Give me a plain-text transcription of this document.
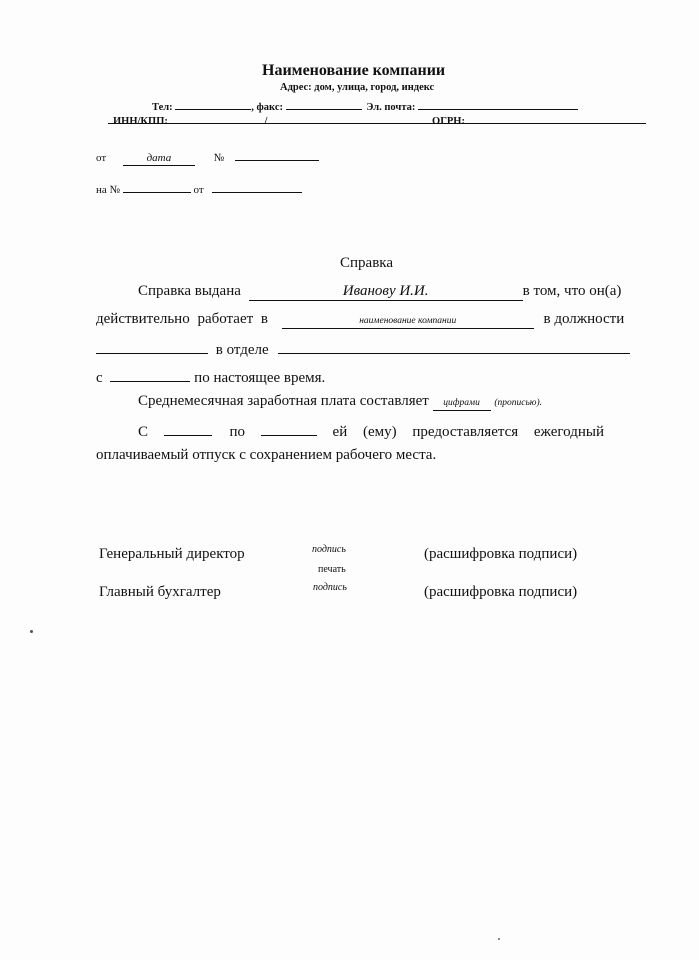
Наименование компании
Адрес: дом, улица, город, индекс
Тел:	, факс:	Эл. почта:
ИНН/КПП:	/	ОГРН:
от	дата	№
на №	от
Справка
Справка выдана	Иванову И.И.	в том, что он(а)
действительно работает в	наименование компании	в должности
в отделе
с	по настоящее время.
Среднемесячная заработная плата составляет цифрами (прописью).
С	по	ей (ему) предоставляется ежегодный
оплачиваемый отпуск с сохранением рабочего места.
Генеральный директор	подпись	(расшифровка подписи)
печать
Главный бухгалтер	подпись	(расшифровка подписи)
